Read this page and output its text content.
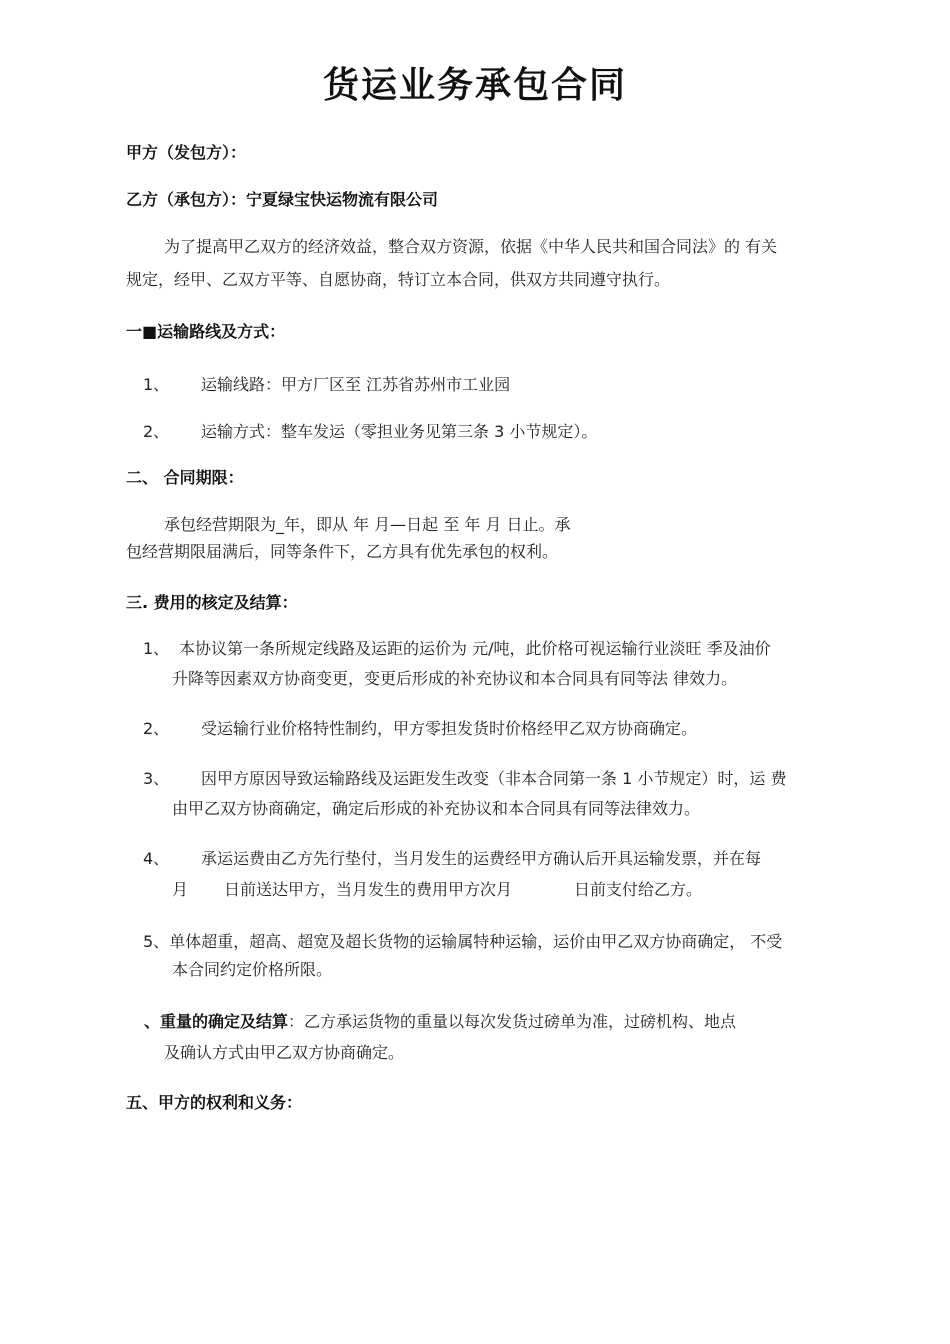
货运业务承包合同
甲方（发包方）：
乙方（承包方）：宁夏绿宝快运物流有限公司
为了提高甲乙双方的经济效益，整合双方资源，依据《中华人民共和国合同法》的 有关
规定，经甲、乙双方平等、自愿协商，特订立本合同，供双方共同遵守执行。
一■运输路线及方式：
1、 运输线路：甲方厂区至 江苏省苏州市工业园
2、 运输方式：整车发运（零担业务见第三条 3 小节规定）。
二、 合同期限：
承包经营期限为_年，即从 年 月—日起 至 年 月 日止。承
包经营期限届满后，同等条件下，乙方具有优先承包的权利。
三. 费用的核定及结算：
1、 本协议第一条所规定线路及运距的运价为 元/吨，此价格可视运输行业淡旺 季及油价
升降等因素双方协商变更，变更后形成的补充协议和本合同具有同等法 律效力。
2、 受运输行业价格特性制约，甲方零担发货时价格经甲乙双方协商确定。
3、 因甲方原因导致运输路线及运距发生改变（非本合同第一条 1 小节规定）时，运 费
由甲乙双方协商确定，确定后形成的补充协议和本合同具有同等法律效力。
4、 承运运费由乙方先行垫付，当月发生的运费经甲方确认后开具运输发票，并在每
月 日前送达甲方，当月发生的费用甲方次月	日前支付给乙方。
5、单体超重，超高、超宽及超长货物的运输属特种运输，运价由甲乙双方协商确定， 不受
本合同约定价格所限。
、重量的确定及结算：乙方承运货物的重量以每次发货过磅单为准，过磅机构、地点
及确认方式由甲乙双方协商确定。
五、甲方的权利和义务：
